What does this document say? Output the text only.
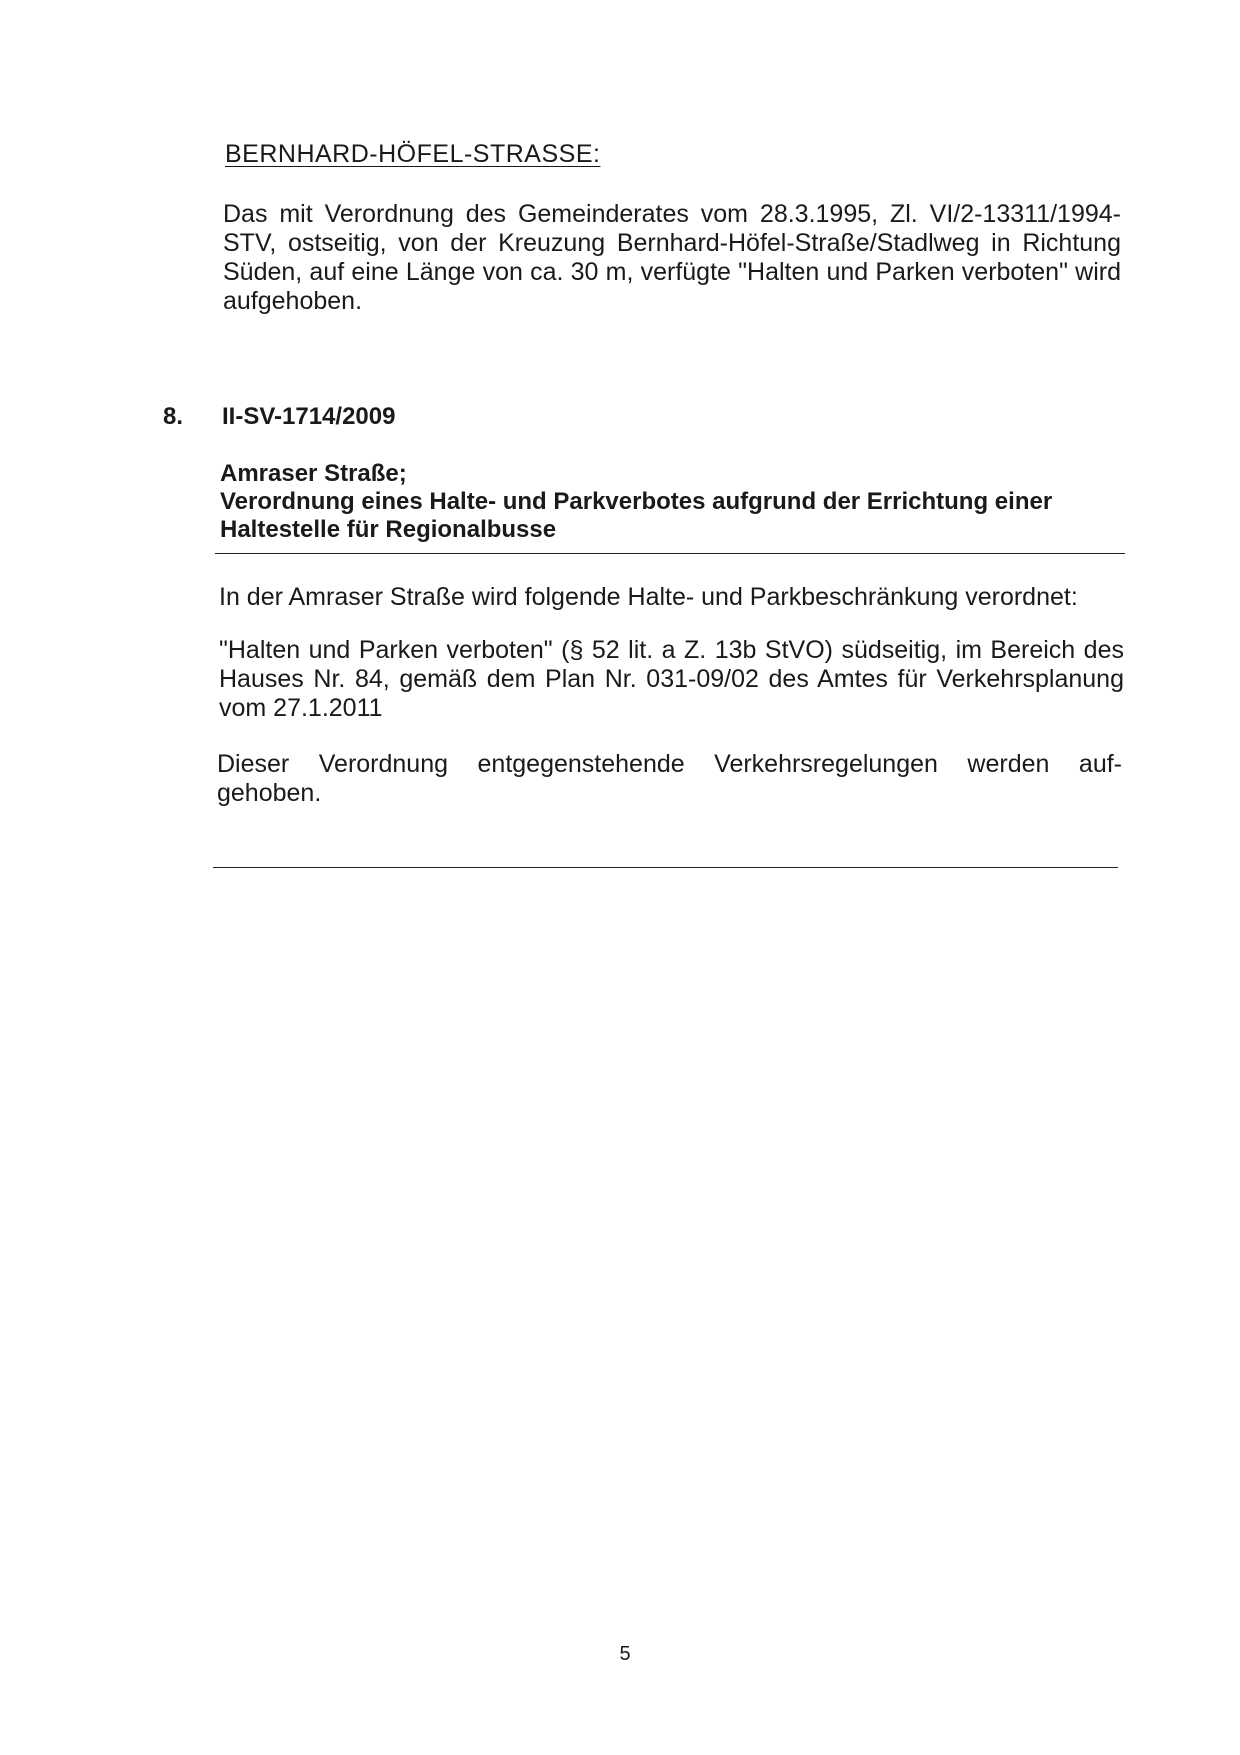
BERNHARD-HÖFEL-STRASSE:
Das mit Verordnung des Gemeinderates vom 28.3.1995, Zl. VI/2-13311/1994-STV, ostseitig, von der Kreuzung Bernhard-Höfel-Straße/Stadlweg in Richtung Süden, auf eine Länge von ca. 30 m, verfügte "Halten und Parken verboten" wird aufgehoben.
8. II-SV-1714/2009
Amraser Straße;
Verordnung eines Halte- und Parkverbotes aufgrund der Errichtung einer Haltestelle für Regionalbusse
In der Amraser Straße wird folgende Halte- und Parkbeschränkung verordnet:
"Halten und Parken verboten" (§ 52 lit. a Z. 13b StVO) südseitig, im Bereich des Hauses Nr. 84, gemäß dem Plan Nr. 031-09/02 des Amtes für Verkehrsplanung vom 27.1.2011
Dieser Verordnung entgegenstehende Verkehrsregelungen werden auf-
gehoben.
5
